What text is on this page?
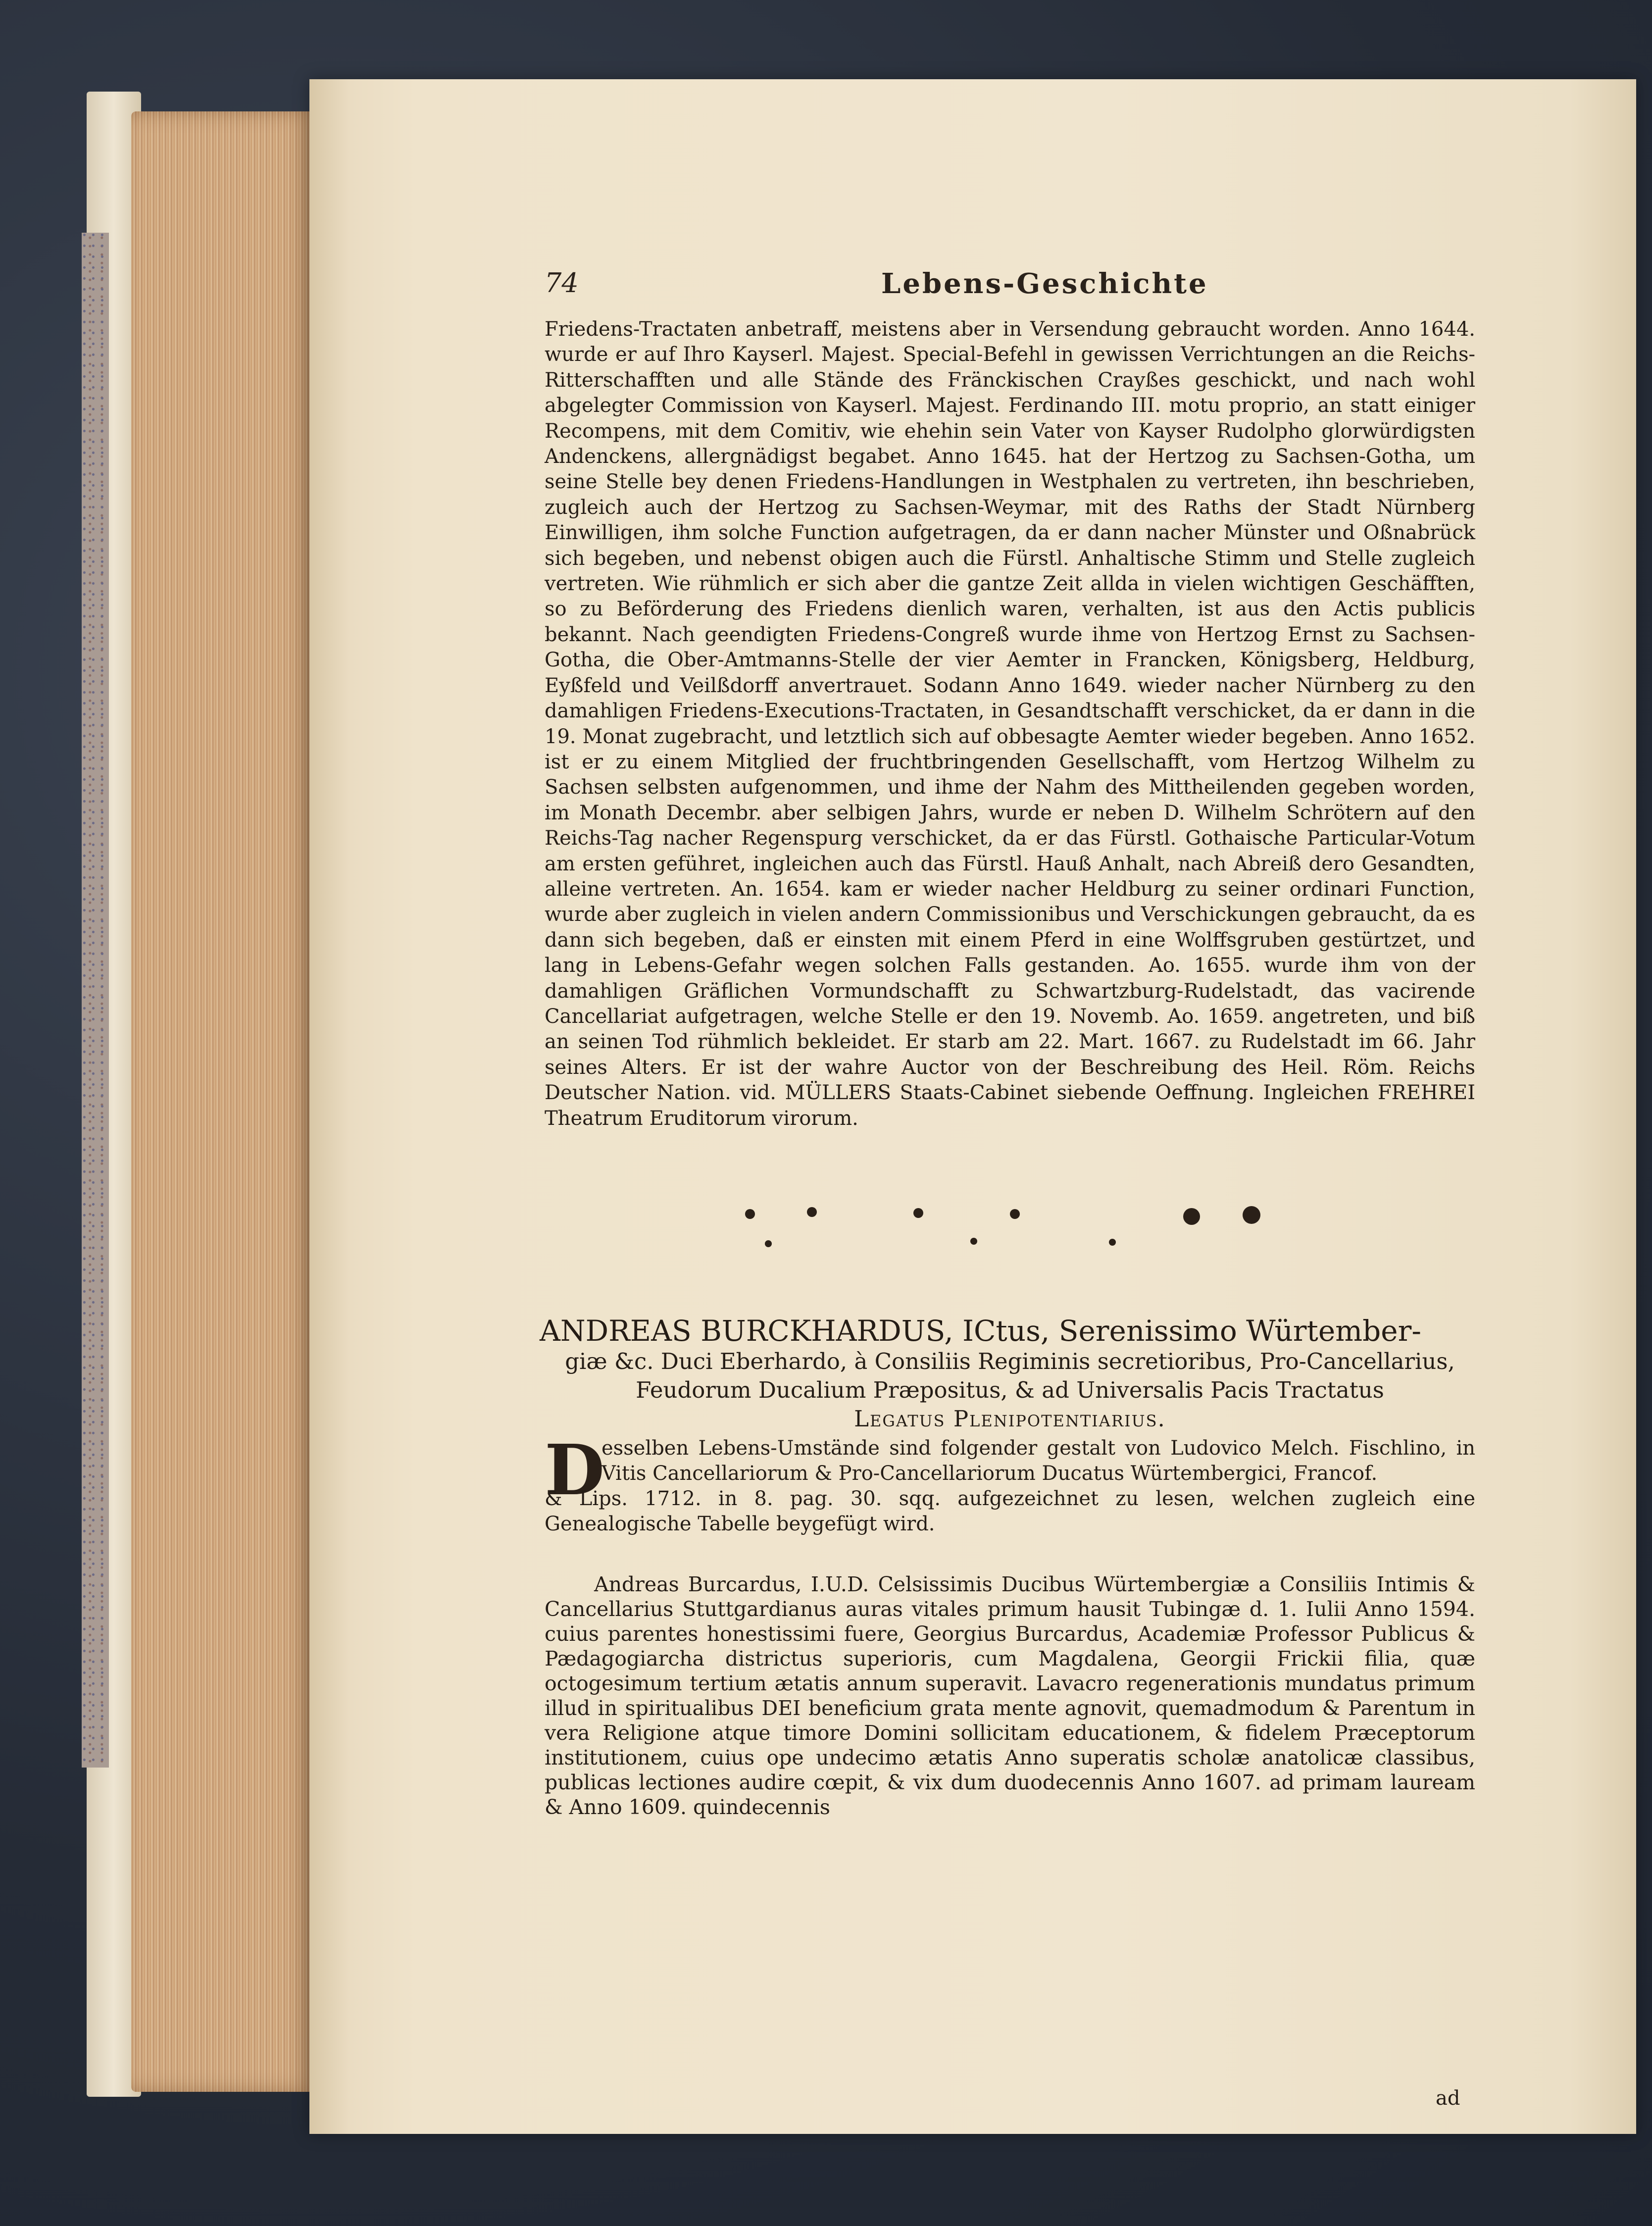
74	Lebens-Geschichte
Friedens-Tractaten anbetraff, meistens aber in Versendung gebraucht worden. Anno 1644. wurde er auf Ihro Kayserl. Majest. Special-Befehl in gewissen Verrichtungen an die Reichs-Ritterschafften und alle Stände des Fränckischen Crayßes geschickt, und nach wohl abgelegter Commission von Kayserl. Majest. Ferdinando III. motu proprio, an statt einiger Recompens, mit dem Comitiv, wie ehehin sein Vater von Kayser Rudolpho glorwürdigsten Andenckens, allergnädigst begabet. Anno 1645. hat der Hertzog zu Sachsen-Gotha, um seine Stelle bey denen Friedens-Handlungen in Westphalen zu vertreten, ihn beschrieben, zugleich auch der Hertzog zu Sachsen-Weymar, mit des Raths der Stadt Nürnberg Einwilligen, ihm solche Function aufgetragen, da er dann nacher Münster und Oßnabrück sich begeben, und nebenst obigen auch die Fürstl. Anhaltische Stimm und Stelle zugleich vertreten. Wie rühmlich er sich aber die gantze Zeit allda in vielen wichtigen Geschäfften, so zu Beförderung des Friedens dienlich waren, verhalten, ist aus den Actis publicis bekannt. Nach geendigten Friedens-Congreß wurde ihme von Hertzog Ernst zu Sachsen-Gotha, die Ober-Amtmanns-Stelle der vier Aemter in Francken, Königsberg, Heldburg, Eyßfeld und Veilßdorff anvertrauet. Sodann Anno 1649. wieder nacher Nürnberg zu den damahligen Friedens-Executions-Tractaten, in Gesandtschafft verschicket, da er dann in die 19. Monat zugebracht, und letztlich sich auf obbesagte Aemter wieder begeben. Anno 1652. ist er zu einem Mitglied der fruchtbringenden Gesellschafft, vom Hertzog Wilhelm zu Sachsen selbsten aufgenommen, und ihme der Nahm des Mittheilenden gegeben worden, im Monath Decembr. aber selbigen Jahrs, wurde er neben D. Wilhelm Schrötern auf den Reichs-Tag nacher Regenspurg verschicket, da er das Fürstl. Gothaische Particular-Votum am ersten geführet, ingleichen auch das Fürstl. Hauß Anhalt, nach Abreiß dero Gesandten, alleine vertreten. An. 1654. kam er wieder nacher Heldburg zu seiner ordinari Function, wurde aber zugleich in vielen andern Commissionibus und Verschickungen gebraucht, da es dann sich begeben, daß er einsten mit einem Pferd in eine Wolffsgruben gestürtzet, und lang in Lebens-Gefahr wegen solchen Falls gestanden. Ao. 1655. wurde ihm von der damahligen Gräflichen Vormundschafft zu Schwartzburg-Rudelstadt, das vacirende Cancellariat aufgetragen, welche Stelle er den 19. Novemb. Ao. 1659. angetreten, und biß an seinen Tod rühmlich bekleidet. Er starb am 22. Mart. 1667. zu Rudelstadt im 66. Jahr seines Alters. Er ist der wahre Auctor von der Beschreibung des Heil. Röm. Reichs Deutscher Nation. vid. MÜLLERS Staats-Cabinet siebende Oeffnung. Ingleichen FREHREI Theatrum Eruditorum virorum.
ANDREAS BURCKHARDUS, ICtus, Serenissimo Würtember-
giæ &c. Duci Eberhardo, à Consiliis Regiminis secretioribus, Pro-Cancellarius,
Feudorum Ducalium Præpositus, & ad Universalis Pacis Tractatus
Legatus Plenipotentiarius.
D
esselben Lebens-Umstände sind folgender gestalt von Ludovico Melch. Fischlino, in Vitis Cancellariorum & Pro-Cancellariorum Ducatus Würtembergici, Francof.
& Lips. 1712. in 8. pag. 30. sqq. aufgezeichnet zu lesen, welchen zugleich eine Genealogische Tabelle beygefügt wird.
Andreas Burcardus, I.U.D. Celsissimis Ducibus Würtembergiæ a Consiliis Intimis & Cancellarius Stuttgardianus auras vitales primum hausit Tubingæ d. 1. Iulii Anno 1594. cuius parentes honestissimi fuere, Georgius Burcardus, Academiæ Professor Publicus & Pædagogiarcha districtus superioris, cum Magdalena, Georgii Frickii filia, quæ octogesimum tertium ætatis annum superavit. Lavacro regenerationis mundatus primum illud in spiritualibus DEI beneficium grata mente agnovit, quemadmodum & Parentum in vera Religione atque timore Domini sollicitam educationem, & fidelem Præceptorum institutionem, cuius ope undecimo ætatis Anno superatis scholæ anatolicæ classibus, publicas lectiones audire cœpit, & vix dum duodecennis Anno 1607. ad primam lauream & Anno 1609. quindecennis
ad
